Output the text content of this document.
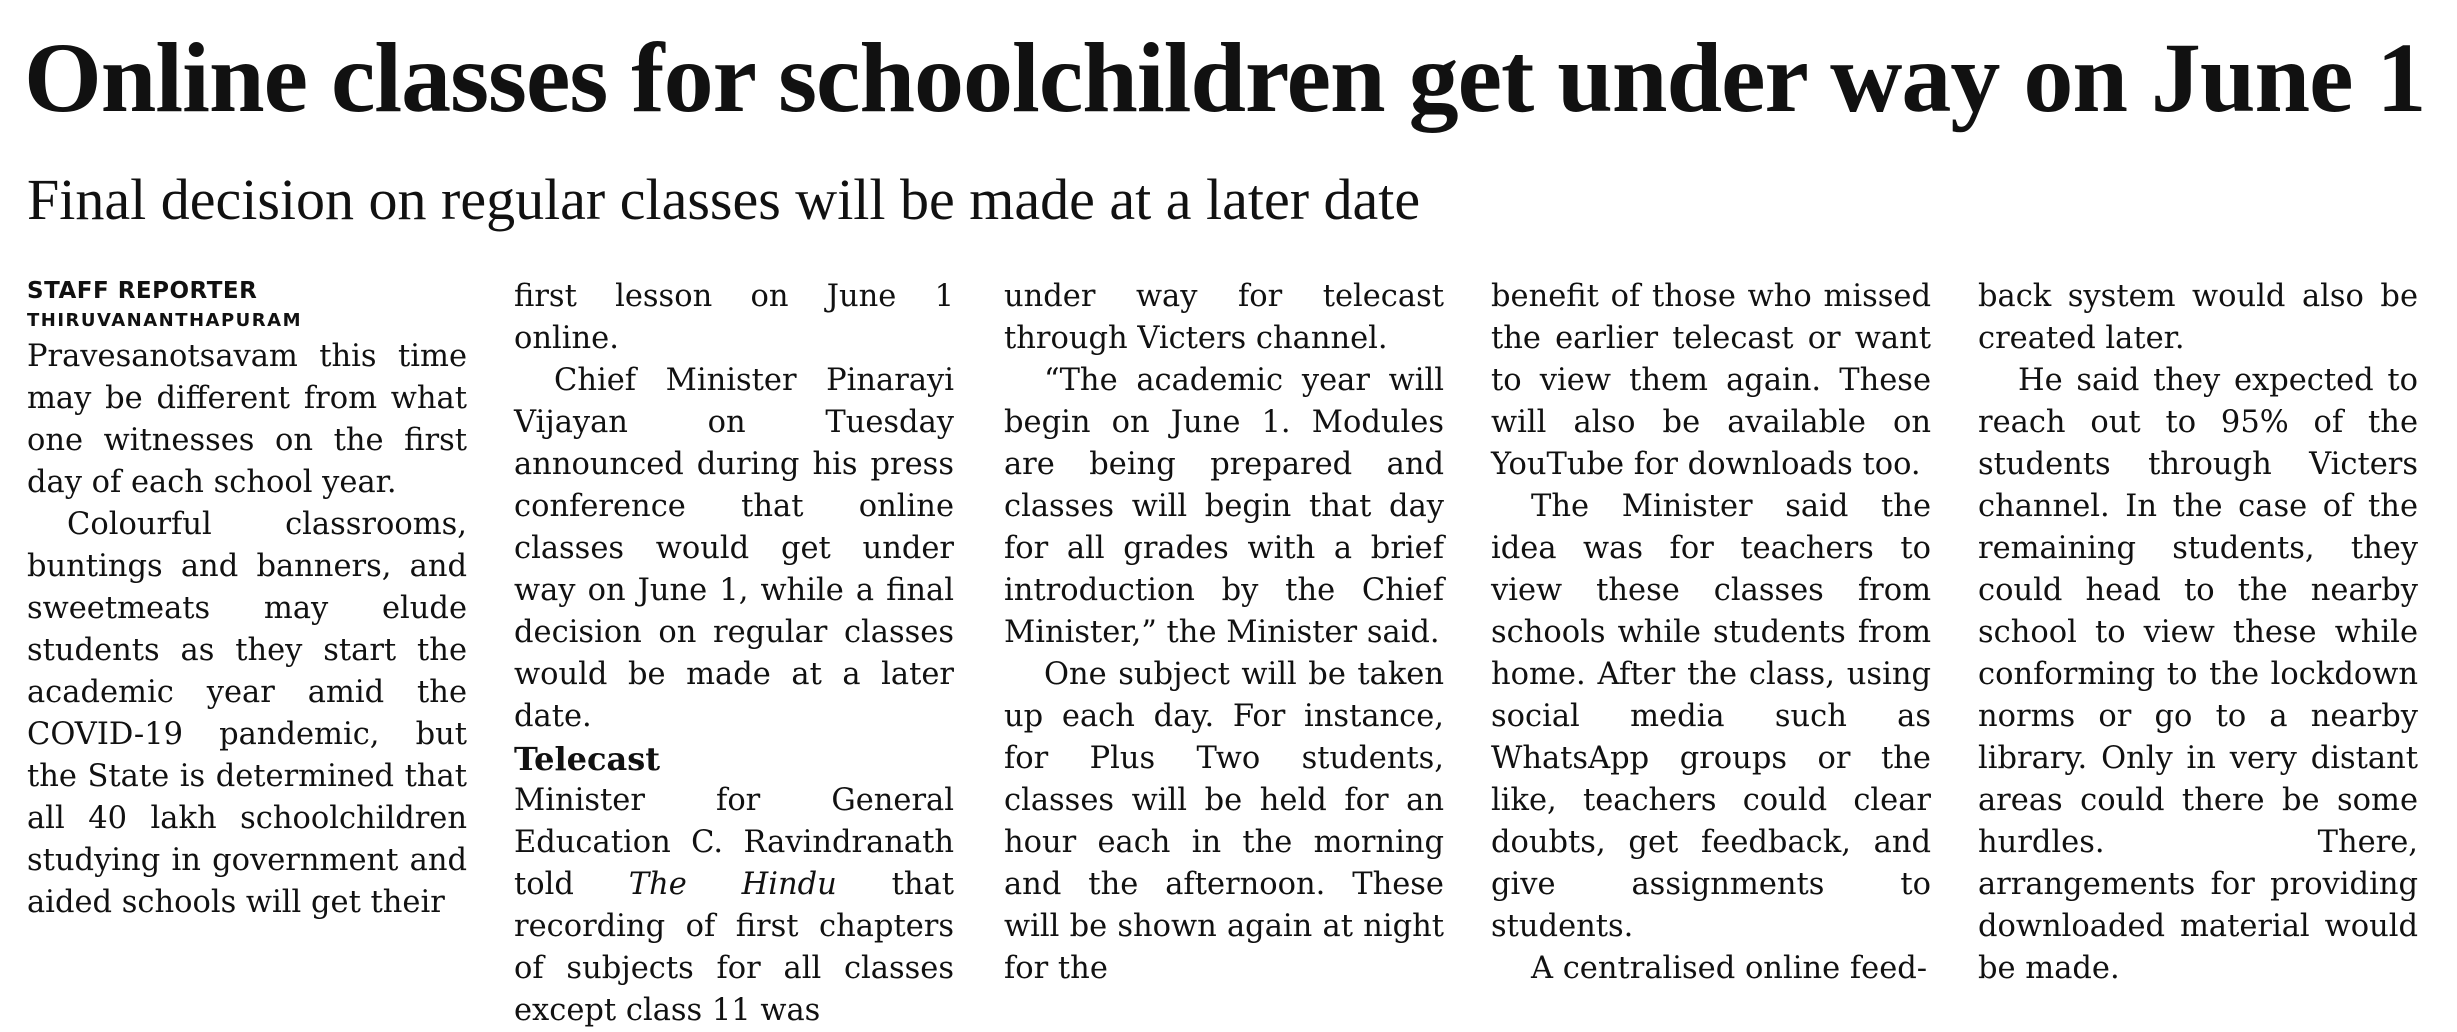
Online classes for schoolchildren get under way on June 1
Final decision on regular classes will be made at a later date

STAFF REPORTER

THIRUVANANTHAPURAM

Pravesanotsavam this time may be different from what one witnesses on the first day of each school year.

Colourful classrooms, buntings and banners, and sweetmeats may elude students as they start the academic year amid the COVID-19 pandemic, but the State is determined that all 40 lakh schoolchildren studying in government and aided schools will get their

first lesson on June 1 online.

Chief Minister Pinarayi Vijayan on Tuesday announced during his press conference that online classes would get under way on June 1, while a final decision on regular classes would be made at a later date.

Telecast

Minister for General Education C. Ravindranath told The Hindu that recording of first chapters of subjects for all classes except class 11 was

under way for telecast through Victers channel.

“The academic year will begin on June 1. Modules are being prepared and classes will begin that day for all grades with a brief introduction by the Chief Minister,” the Minister said.

One subject will be taken up each day. For instance, for Plus Two students, classes will be held for an hour each in the morning and the afternoon. These will be shown again at night for the

benefit of those who missed the earlier telecast or want to view them again. These will also be available on YouTube for downloads too.

The Minister said the idea was for teachers to view these classes from schools while students from home. After the class, using social media such as WhatsApp groups or the like, teachers could clear doubts, get feedback, and give assignments to students.

A centralised online feed-

back system would also be created later.

He said they expected to reach out to 95% of the students through Victers channel. In the case of the remaining students, they could head to the nearby school to view these while conforming to the lockdown norms or go to a nearby library. Only in very distant areas could there be some hurdles. There, arrangements for providing downloaded material would be made.
